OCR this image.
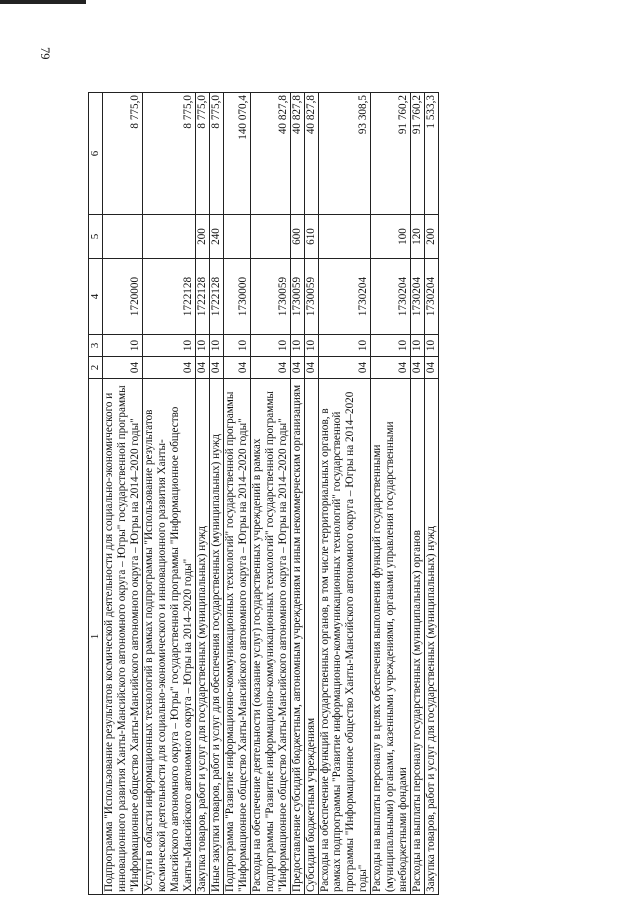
79
1	2	3	4	5	6
Подпрограмма "Использование результатов космической деятельности для социально-экономического и инновационного развития Ханты-Мансийского автономного округа – Югры" государственной программы "Информационное общество Ханты-Мансийского автономного округа – Югры на 2014–2020 годы"	04	10	1720000		8 775,0
Услуги в области информационных технологий в рамках подпрограммы "Использование результатов космической деятельности для социально-экономического и инновационного развития Ханты-Мансийского автономного округа – Югры" государственной программы "Информационное общество Ханты-Мансийского автономного округа – Югры на 2014–2020 годы"	04	10	1722128		8 775,0
Закупка товаров, работ и услуг для государственных (муниципальных) нужд	04	10	1722128	200	8 775,0
Иные закупки товаров, работ и услуг для обеспечения государственных (муниципальных) нужд	04	10	1722128	240	8 775,0
Подпрограмма "Развитие информационно-коммуникационных технологий" государственной программы "Информационное общество Ханты-Мансийского автономного округа – Югры на 2014–2020 годы"	04	10	1730000		140 070,4
Расходы на обеспечение деятельности (оказание услуг) государственных учреждений в рамках подпрограммы "Развитие информационно-коммуникационных технологий" государственной программы "Информационное общество Ханты-Мансийского автономного округа – Югры на 2014–2020 годы"	04	10	1730059		40 827,8
Предоставление субсидий бюджетным, автономным учреждениям и иным некоммерческим организациям	04	10	1730059	600	40 827,8
Субсидии бюджетным учреждениям	04	10	1730059	610	40 827,8
Расходы на обеспечение функций государственных органов, в том числе территориальных органов, в рамках подпрограммы "Развитие информационно-коммуникационных технологий" государственной программы "Информационное общество Ханты-Мансийского автономного округа – Югры на 2014–2020 годы"	04	10	1730204		93 308,5
Расходы на выплаты персоналу в целях обеспечения выполнения функций государственными (муниципальными) органами, казенными учреждениями, органами управления государственными внебюджетными фондами	04	10	1730204	100	91 760,2
Расходы на выплаты персоналу государственных (муниципальных) органов	04	10	1730204	120	91 760,2
Закупка товаров, работ и услуг для государственных (муниципальных) нужд	04	10	1730204	200	1 533,3
